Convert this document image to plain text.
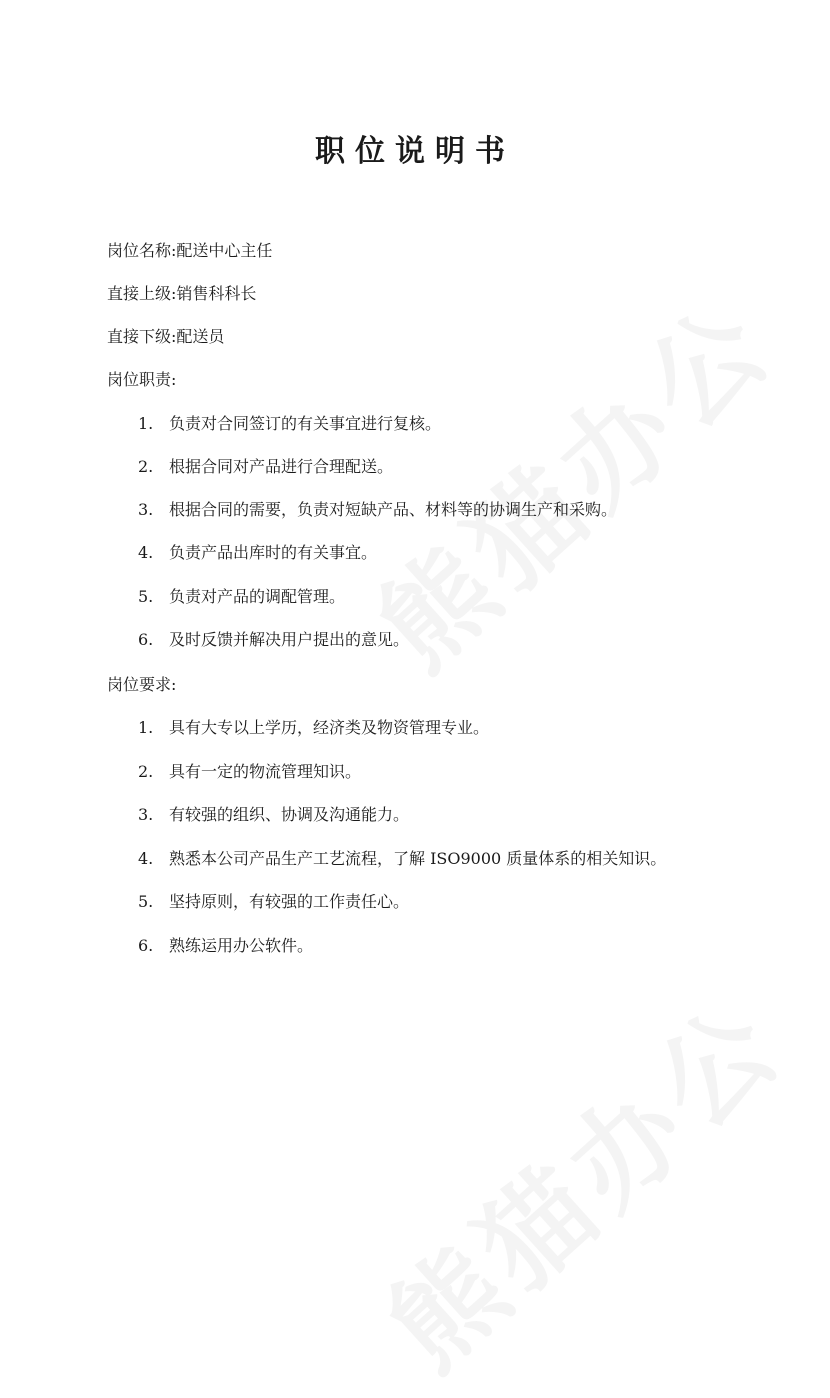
职位说明书
岗位名称:配送中心主任
直接上级:销售科科长
直接下级:配送员
岗位职责:
1. 负责对合同签订的有关事宜进行复核。
2. 根据合同对产品进行合理配送。
3. 根据合同的需要，负责对短缺产品、材料等的协调生产和采购。
4. 负责产品出库时的有关事宜。
5. 负责对产品的调配管理。
6. 及时反馈并解决用户提出的意见。
岗位要求:
1. 具有大专以上学历，经济类及物资管理专业。
2. 具有一定的物流管理知识。
3. 有较强的组织、协调及沟通能力。
4. 熟悉本公司产品生产工艺流程，了解 ISO9000 质量体系的相关知识。
5. 坚持原则，有较强的工作责任心。
6. 熟练运用办公软件。
